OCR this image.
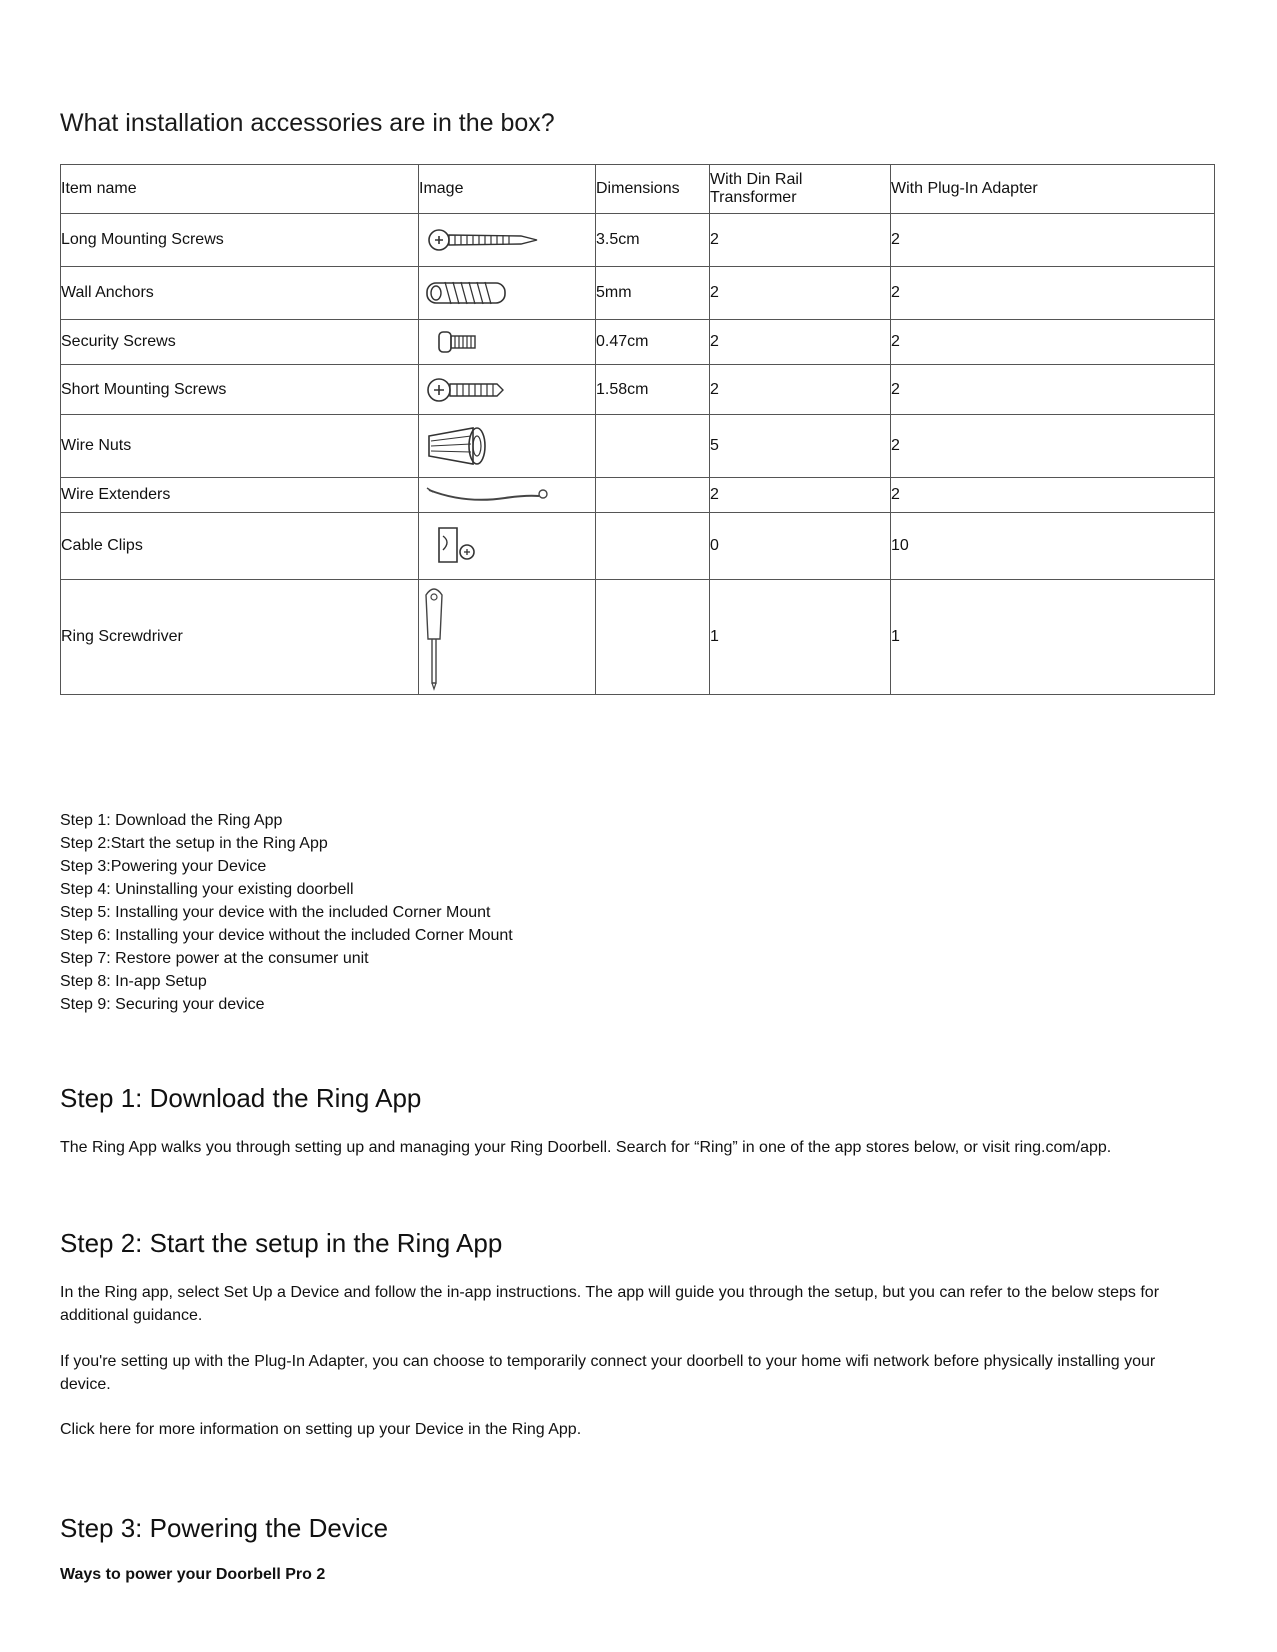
What installation accessories are in the box?
Item name	Image	Dimensions	With Din Rail Transformer	With Plug-In Adapter
Long Mounting Screws		3.5cm	2	2
Wall Anchors		5mm	2	2
Security Screws		0.47cm	2	2
Short Mounting Screws		1.58cm	2	2
Wire Nuts			5	2
Wire Extenders			2	2
Cable Clips			0	10
Ring Screwdriver			1	1
Step 1: Download the Ring App
Step 2:Start the setup in the Ring App
Step 3:Powering your Device
Step 4: Uninstalling your existing doorbell
Step 5: Installing your device with the included Corner Mount
Step 6: Installing your device without the included Corner Mount
Step 7: Restore power at the consumer unit
Step 8: In-app Setup
Step 9: Securing your device
Step 1: Download the Ring App

The Ring App walks you through setting up and managing your Ring Doorbell. Search for “Ring” in one of the app stores below, or visit ring.com/app.

Step 2: Start the setup in the Ring App

In the Ring app, select Set Up a Device and follow the in-app instructions. The app will guide you through the setup, but you can refer to the below steps for additional guidance.

If you're setting up with the Plug-In Adapter, you can choose to temporarily connect your doorbell to your home wifi network before physically installing your device.

Click here for more information on setting up your Device in the Ring App.

Step 3: Powering the Device
Ways to power your Doorbell Pro 2
